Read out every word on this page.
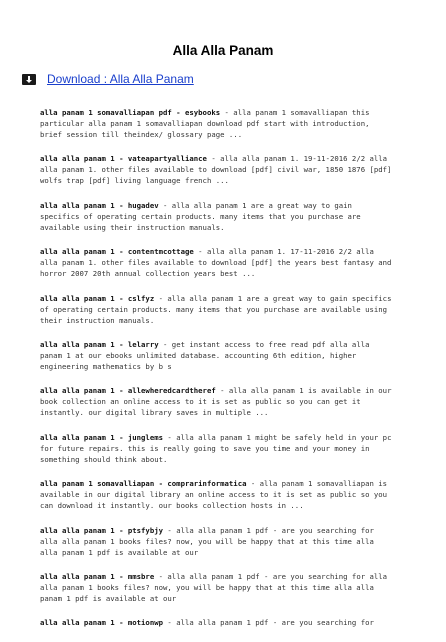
Alla Alla Panam
Download : Alla Alla Panam
alla panam 1 somavalliapan pdf - esybooks - alla panam 1 somavalliapan this
particular alla panam 1 somavalliapan download pdf start with introduction,
brief session till theindex/ glossary page ...
alla alla panam 1 - vateapartyalliance - alla alla panam 1. 19-11-2016 2/2 alla
alla panam 1. other files available to download [pdf] civil war, 1850 1876 [pdf]
wolfs trap [pdf] living language french ...
alla alla panam 1 - hugadev - alla alla panam 1 are a great way to gain
specifics of operating certain products. many items that you purchase are
available using their instruction manuals.
alla alla panam 1 - contentmcottage - alla alla panam 1. 17-11-2016 2/2 alla
alla panam 1. other files available to download [pdf] the years best fantasy and
horror 2007 20th annual collection years best ...
alla alla panam 1 - cslfyz - alla alla panam 1 are a great way to gain specifics
of operating certain products. many items that you purchase are available using
their instruction manuals.
alla alla panam 1 - lelarry - get instant access to free read pdf alla alla
panam 1 at our ebooks unlimited database. accounting 6th edition, higher
engineering mathematics by b s
alla alla panam 1 - allewheredcardtheref - alla alla panam 1 is available in our
book collection an online access to it is set as public so you can get it
instantly. our digital library saves in multiple ...
alla alla panam 1 - junglems - alla alla panam 1 might be safely held in your pc
for future repairs. this is really going to save you time and your money in
something should think about.
alla panam 1 somavalliapan - comprarinformatica - alla panam 1 somavalliapan is
available in our digital library an online access to it is set as public so you
can download it instantly. our books collection hosts in ...
alla alla panam 1 - ptsfybjy - alla alla panam 1 pdf - are you searching for
alla alla panam 1 books files? now, you will be happy that at this time alla
alla panam 1 pdf is available at our
alla alla panam 1 - mmsbre - alla alla panam 1 pdf - are you searching for alla
alla panam 1 books files? now, you will be happy that at this time alla alla
panam 1 pdf is available at our
alla alla panam 1 - motionwp - alla alla panam 1 pdf - are you searching for
